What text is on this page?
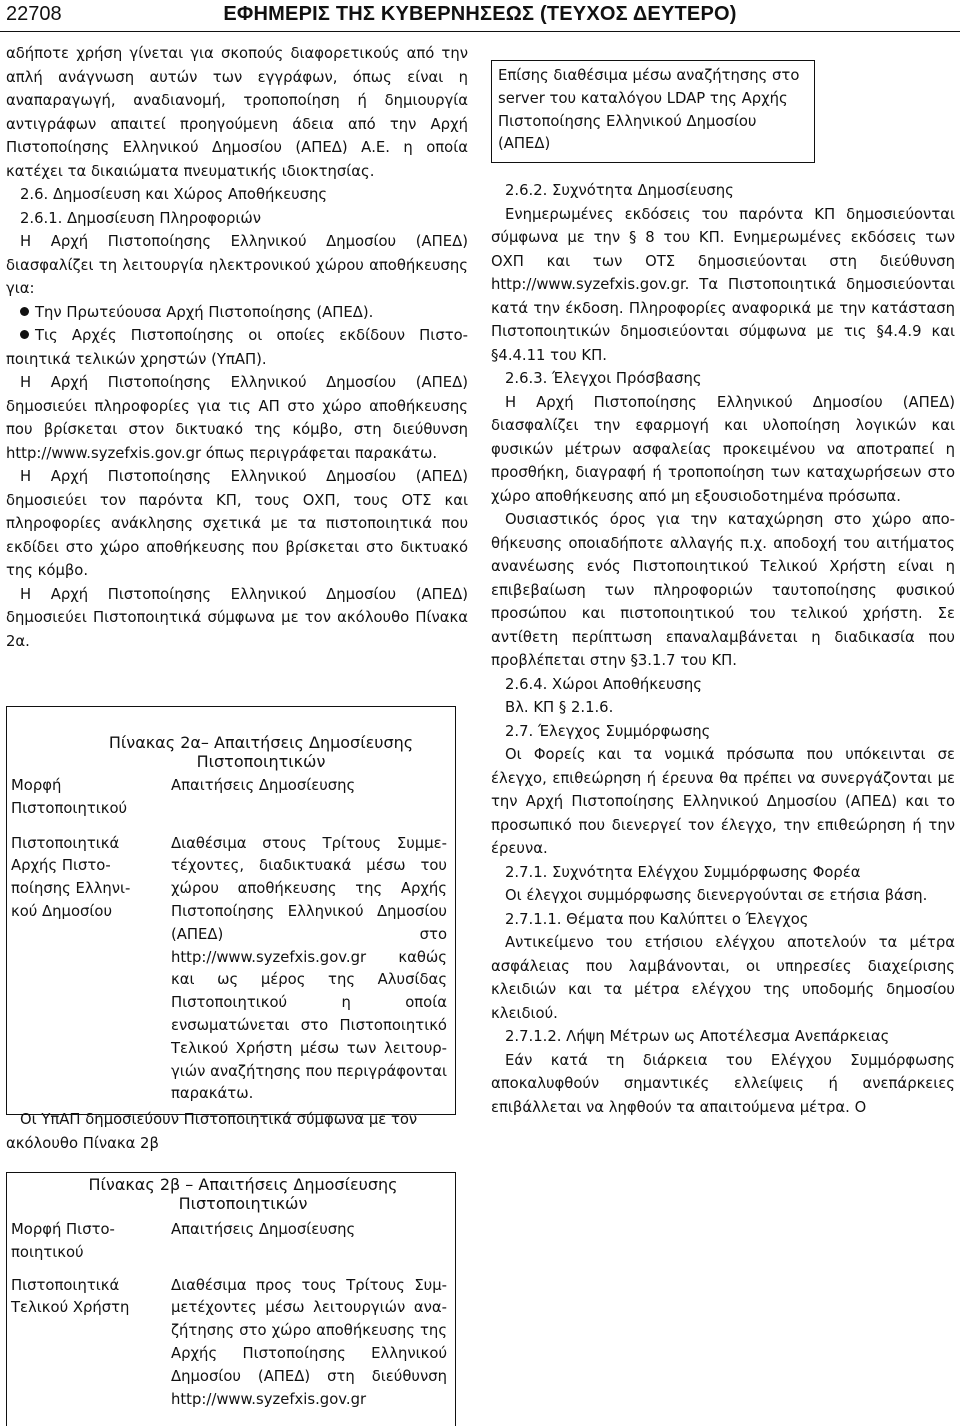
22708	ΕΦΗΜΕΡΙΣ ΤΗΣ ΚΥΒΕΡΝΗΣΕΩΣ (ΤΕΥΧΟΣ ΔΕΥΤΕΡΟ)

αδήποτε χρήση γίνεται για σκοπούς διαφορετικούς από την απλή ανάγνωση αυτών των εγγράφων, όπως είναι η αναπαραγωγή, αναδιανομή, τροποποίηση ή δημιουργία αντιγράφων απαιτεί προηγούμενη άδεια από την Αρχή Πιστοποίησης Ελληνικού Δημοσίου (ΑΠΕΔ) Α.Ε. η οποία κατέχει τα δικαιώματα πνευματικής ιδιοκτησίας.

2.6. Δημοσίευση και Χώρος Αποθήκευσης

2.6.1. Δημοσίευση Πληροφοριών

Η Αρχή Πιστοποίησης Ελληνικού Δημοσίου (ΑΠΕΔ) διασφαλίζει τη λειτουργία ηλεκτρονικού χώρου αποθήκευσης για:

Την Πρωτεύουσα Αρχή Πιστοποίησης (ΑΠΕΔ).

Τις Αρχές Πιστοποίησης οι οποίες εκδίδουν Πιστοποιητικά τελικών χρηστών (ΥπΑΠ).

Η Αρχή Πιστοποίησης Ελληνικού Δημοσίου (ΑΠΕΔ) δημοσιεύει πληροφορίες για τις ΑΠ στο χώρο αποθήκευσης που βρίσκεται στον δικτυακό της κόμβο, στη διεύθυνση http://www.syzefxis.gov.gr όπως περιγράφεται παρακάτω.

Η Αρχή Πιστοποίησης Ελληνικού Δημοσίου (ΑΠΕΔ) δημοσιεύει τον παρόντα ΚΠ, τους ΟΧΠ, τους ΟΤΣ και πληροφορίες ανάκλησης σχετικά με τα πιστοποιητικά που εκδίδει στο χώρο αποθήκευσης που βρίσκεται στο δικτυακό της κόμβο.

Η Αρχή Πιστοποίησης Ελληνικού Δημοσίου (ΑΠΕΔ) δημοσιεύει Πιστοποιητικά σύμφωνα με τον ακόλουθο Πίνακα 2α.

Πίνακας 2α– Απαιτήσεις Δημοσίευσης Πιστοποιητικών
Μορφή Πιστοποιητικού	Απαιτήσεις Δημοσίευσης
Πιστοποιητικά Αρχής Πιστοποίησης Ελληνικού Δημοσίου	Διαθέσιμα στους Τρίτους Συμμετέχοντες, διαδικτυακά μέσω του χώρου αποθήκευσης της Αρχής Πιστοποίησης Ελληνικού Δημοσίου (ΑΠΕΔ) στο http://www.syzefxis.gov.gr καθώς και ως μέρος της Αλυσίδας Πιστοποιητικού η οποία ενσωματώνεται στο Πιστοποιητικό Τελικού Χρήστη μέσω των λειτουργιών αναζήτησης που περιγράφονται παρακάτω.

Οι ΥπΑΠ δημοσιεύουν Πιστοποιητικά σύμφωνα με τον ακόλουθο Πίνακα 2β

Πίνακας 2β – Απαιτήσεις Δημοσίευσης Πιστοποιητικών
Μορφή Πιστοποιητικού	Απαιτήσεις Δημοσίευσης
Πιστοποιητικά Τελικού Χρήστη	Διαθέσιμα προς τους Τρίτους Συμμετέχοντες μέσω λειτουργιών αναζήτησης στο χώρο αποθήκευσης της Αρχής Πιστοποίησης Ελληνικού Δημοσίου (ΑΠΕΔ) στη διεύθυνση http://www.syzefxis.gov.gr

Επίσης διαθέσιμα μέσω αναζήτησης στο server του καταλόγου LDAP της Αρχής Πιστοποίησης Ελληνικού Δημοσίου (ΑΠΕΔ)

2.6.2. Συχνότητα Δημοσίευσης

Ενημερωμένες εκδόσεις του παρόντα ΚΠ δημοσιεύονται σύμφωνα με την § 8 του ΚΠ. Ενημερωμένες εκδόσεις των ΟΧΠ και των ΟΤΣ δημοσιεύονται στη διεύθυνση http://www.syzefxis.gov.gr. Τα Πιστοποιητικά δημοσιεύονται κατά την έκδοση. Πληροφορίες αναφορικά με την κατάσταση Πιστοποιητικών δημοσιεύονται σύμφωνα με τις §4.4.9 και §4.4.11 του ΚΠ.

2.6.3. Έλεγχοι Πρόσβασης

Η Αρχή Πιστοποίησης Ελληνικού Δημοσίου (ΑΠΕΔ) διασφαλίζει την εφαρμογή και υλοποίηση λογικών και φυσικών μέτρων ασφαλείας προκειμένου να αποτραπεί η προσθήκη, διαγραφή ή τροποποίηση των καταχωρήσεων στο χώρο αποθήκευσης από μη εξουσιοδοτημένα πρόσωπα.

Ουσιαστικός όρος για την καταχώρηση στο χώρο αποθήκευσης οποιαδήποτε αλλαγής π.χ. αποδοχή του αιτήματος ανανέωσης ενός Πιστοποιητικού Τελικού Χρήστη είναι η επιβεβαίωση των πληροφοριών ταυτοποίησης φυσικού προσώπου και πιστοποιητικού του τελικού χρήστη. Σε αντίθετη περίπτωση επαναλαμβάνεται η διαδικασία που προβλέπεται στην §3.1.7 του ΚΠ.

2.6.4. Χώροι Αποθήκευσης

Βλ. ΚΠ § 2.1.6.

2.7. Έλεγχος Συμμόρφωσης

Οι Φορείς και τα νομικά πρόσωπα που υπόκεινται σε έλεγχο, επιθεώρηση ή έρευνα θα πρέπει να συνεργάζονται με την Αρχή Πιστοποίησης Ελληνικού Δημοσίου (ΑΠΕΔ) και το προσωπικό που διενεργεί τον έλεγχο, την επιθεώρηση ή την έρευνα.

2.7.1. Συχνότητα Ελέγχου Συμμόρφωσης Φορέα

Οι έλεγχοι συμμόρφωσης διενεργούνται σε ετήσια βάση.

2.7.1.1. Θέματα που Καλύπτει ο Έλεγχος

Αντικείμενο του ετήσιου ελέγχου αποτελούν τα μέτρα ασφάλειας που λαμβάνονται, οι υπηρεσίες διαχείρισης κλειδιών και τα μέτρα ελέγχου της υποδομής δημοσίου κλειδιού.

2.7.1.2. Λήψη Μέτρων ως Αποτέλεσμα Ανεπάρκειας

Εάν κατά τη διάρκεια του Ελέγχου Συμμόρφωσης αποκαλυφθούν σημαντικές ελλείψεις ή ανεπάρκειες επιβάλλεται να ληφθούν τα απαιτούμενα μέτρα. Ο
